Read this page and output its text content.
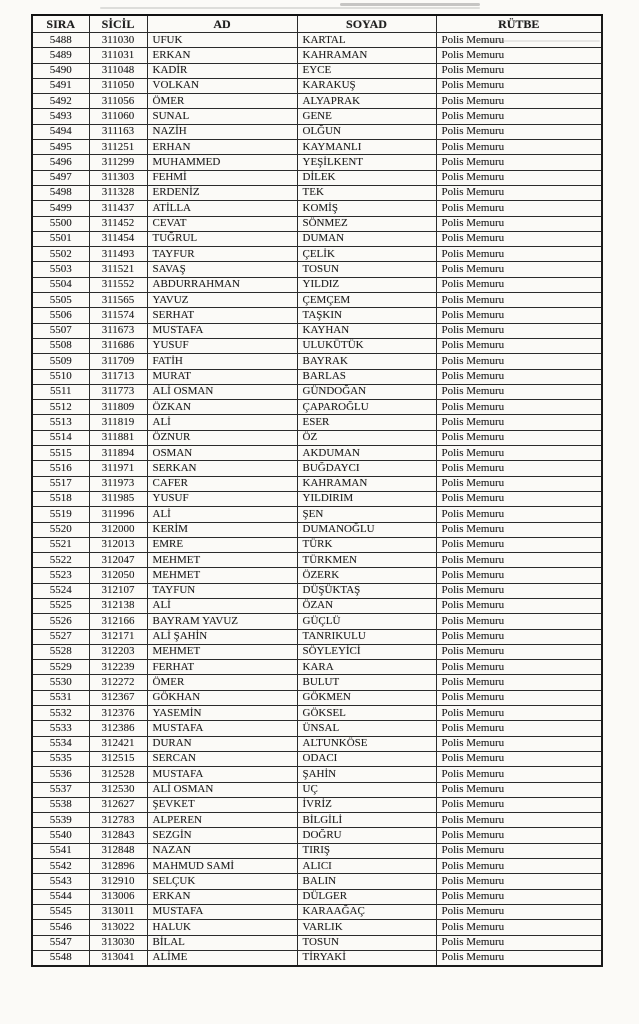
SIRA	SİCİL	AD	SOYAD	RÜTBE
5488	311030	UFUK	KARTAL	Polis Memuru
5489	311031	ERKAN	KAHRAMAN	Polis Memuru
5490	311048	KADİR	EYCE	Polis Memuru
5491	311050	VOLKAN	KARAKUŞ	Polis Memuru
5492	311056	ÖMER	ALYAPRAK	Polis Memuru
5493	311060	SUNAL	GENE	Polis Memuru
5494	311163	NAZİH	OLĞUN	Polis Memuru
5495	311251	ERHAN	KAYMANLI	Polis Memuru
5496	311299	MUHAMMED	YEŞİLKENT	Polis Memuru
5497	311303	FEHMİ	DİLEK	Polis Memuru
5498	311328	ERDENİZ	TEK	Polis Memuru
5499	311437	ATİLLA	KOMİŞ	Polis Memuru
5500	311452	CEVAT	SÖNMEZ	Polis Memuru
5501	311454	TUĞRUL	DUMAN	Polis Memuru
5502	311493	TAYFUR	ÇELİK	Polis Memuru
5503	311521	SAVAŞ	TOSUN	Polis Memuru
5504	311552	ABDURRAHMAN	YILDIZ	Polis Memuru
5505	311565	YAVUZ	ÇEMÇEM	Polis Memuru
5506	311574	SERHAT	TAŞKIN	Polis Memuru
5507	311673	MUSTAFA	KAYHAN	Polis Memuru
5508	311686	YUSUF	ULUKÜTÜK	Polis Memuru
5509	311709	FATİH	BAYRAK	Polis Memuru
5510	311713	MURAT	BARLAS	Polis Memuru
5511	311773	ALİ OSMAN	GÜNDOĞAN	Polis Memuru
5512	311809	ÖZKAN	ÇAPAROĞLU	Polis Memuru
5513	311819	ALİ	ESER	Polis Memuru
5514	311881	ÖZNUR	ÖZ	Polis Memuru
5515	311894	OSMAN	AKDUMAN	Polis Memuru
5516	311971	SERKAN	BUĞDAYCI	Polis Memuru
5517	311973	CAFER	KAHRAMAN	Polis Memuru
5518	311985	YUSUF	YILDIRIM	Polis Memuru
5519	311996	ALİ	ŞEN	Polis Memuru
5520	312000	KERİM	DUMANOĞLU	Polis Memuru
5521	312013	EMRE	TÜRK	Polis Memuru
5522	312047	MEHMET	TÜRKMEN	Polis Memuru
5523	312050	MEHMET	ÖZERK	Polis Memuru
5524	312107	TAYFUN	DÜŞÜKTAŞ	Polis Memuru
5525	312138	ALİ	ÖZAN	Polis Memuru
5526	312166	BAYRAM YAVUZ	GÜÇLÜ	Polis Memuru
5527	312171	ALİ ŞAHİN	TANRIKULU	Polis Memuru
5528	312203	MEHMET	SÖYLEYİCİ	Polis Memuru
5529	312239	FERHAT	KARA	Polis Memuru
5530	312272	ÖMER	BULUT	Polis Memuru
5531	312367	GÖKHAN	GÖKMEN	Polis Memuru
5532	312376	YASEMİN	GÖKSEL	Polis Memuru
5533	312386	MUSTAFA	ÜNSAL	Polis Memuru
5534	312421	DURAN	ALTUNKÖSE	Polis Memuru
5535	312515	SERCAN	ODACI	Polis Memuru
5536	312528	MUSTAFA	ŞAHİN	Polis Memuru
5537	312530	ALİ OSMAN	UÇ	Polis Memuru
5538	312627	ŞEVKET	İVRİZ	Polis Memuru
5539	312783	ALPEREN	BİLGİLİ	Polis Memuru
5540	312843	SEZGİN	DOĞRU	Polis Memuru
5541	312848	NAZAN	TIRIŞ	Polis Memuru
5542	312896	MAHMUD SAMİ	ALICI	Polis Memuru
5543	312910	SELÇUK	BALIN	Polis Memuru
5544	313006	ERKAN	DÜLGER	Polis Memuru
5545	313011	MUSTAFA	KARAAĞAÇ	Polis Memuru
5546	313022	HALUK	VARLIK	Polis Memuru
5547	313030	BİLAL	TOSUN	Polis Memuru
5548	313041	ALİME	TİRYAKİ	Polis Memuru
